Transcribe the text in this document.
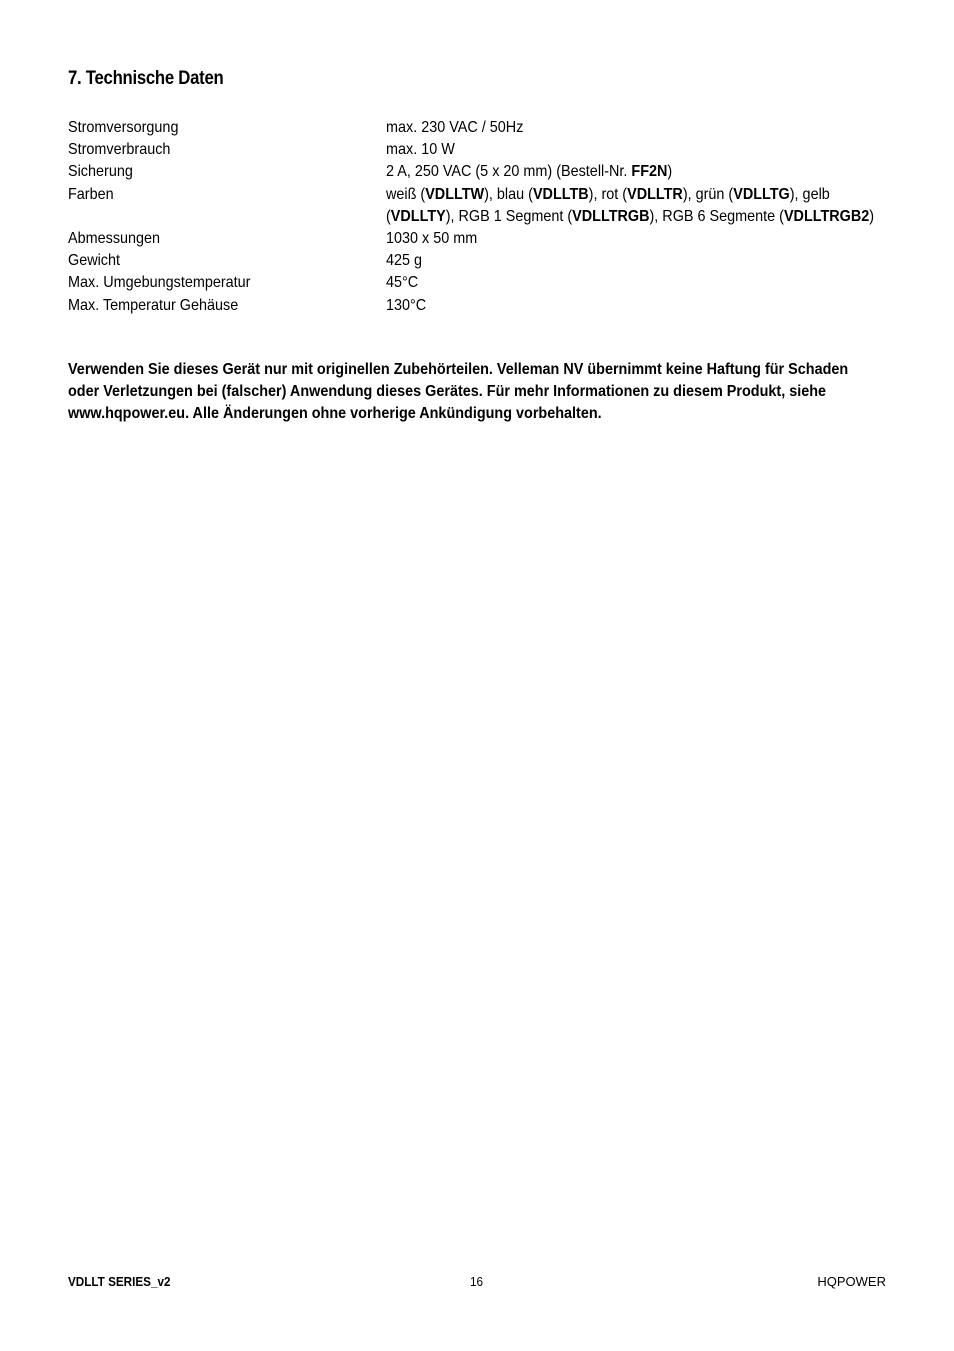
7. Technische Daten
Stromversorgung	max. 230 VAC / 50Hz
Stromverbrauch	max. 10 W
Sicherung	2 A, 250 VAC (5 x 20 mm) (Bestell-Nr. FF2N)
Farben	weiß (VDLLTW), blau (VDLLTB), rot (VDLLTR), grün (VDLLTG), gelb (VDLLTY), RGB 1 Segment (VDLLTRGB), RGB 6 Segmente (VDLLTRGB2)
Abmessungen	1030 x 50 mm
Gewicht	425 g
Max. Umgebungstemperatur	45°C
Max. Temperatur Gehäuse	130°C
Verwenden Sie dieses Gerät nur mit originellen Zubehörteilen. Velleman NV übernimmt keine Haftung für Schaden oder Verletzungen bei (falscher) Anwendung dieses Gerätes. Für mehr Informationen zu diesem Produkt, siehe www.hqpower.eu. Alle Änderungen ohne vorherige Ankündigung vorbehalten.
VDLLT SERIES_v2	16	HQPOWER
